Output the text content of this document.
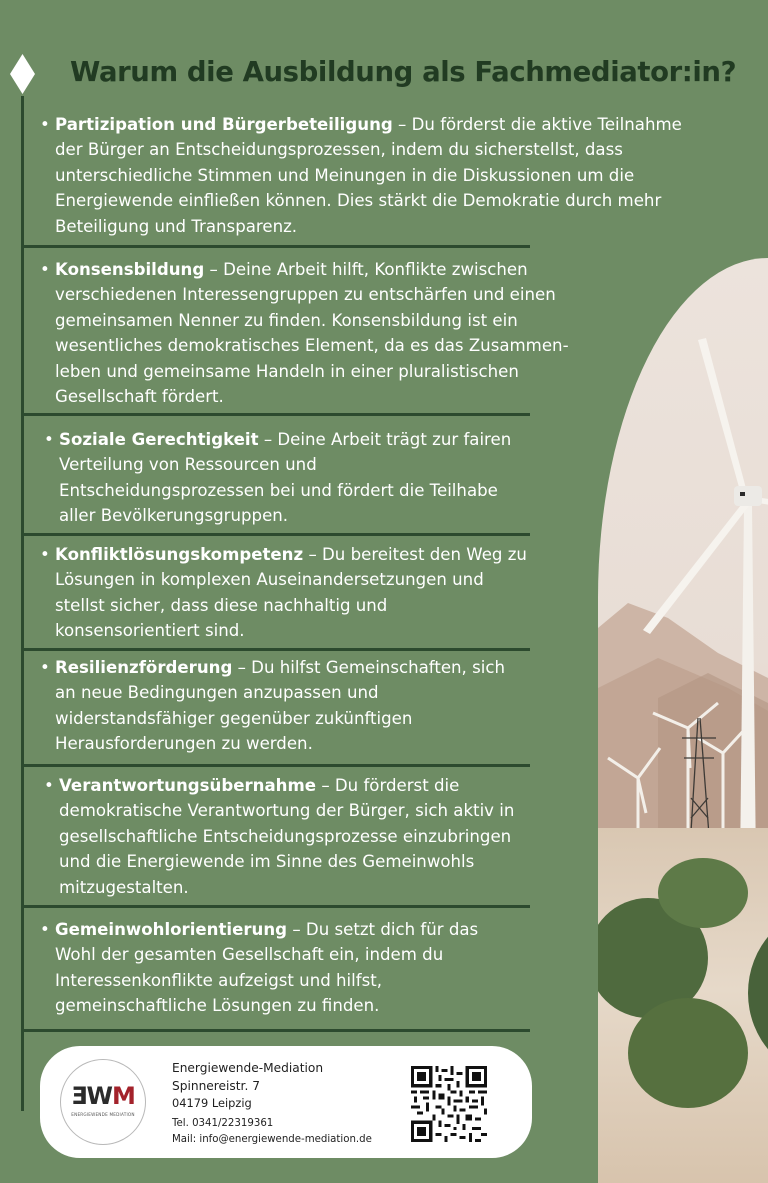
Warum die Ausbildung als Fachmediator:in?
• Partizipation und Bürgerbeteiligung – Du förderst die aktive Teilnahme
der Bürger an Entscheidungsprozessen, indem du sicherstellst, dass
unterschiedliche Stimmen und Meinungen in die Diskussionen um die
Energiewende einfließen können. Dies stärkt die Demokratie durch mehr
Beteiligung und Transparenz.
• Konsensbildung – Deine Arbeit hilft, Konflikte zwischen
verschiedenen Interessengruppen zu entschärfen und einen
gemeinsamen Nenner zu finden. Konsensbildung ist ein
wesentliches demokratisches Element, da es das Zusammen-
leben und gemeinsame Handeln in einer pluralistischen
Gesellschaft fördert.
• Soziale Gerechtigkeit – Deine Arbeit trägt zur fairen
Verteilung von Ressourcen und
Entscheidungsprozessen bei und fördert die Teilhabe
aller Bevölkerungsgruppen.
• Konfliktlösungskompetenz – Du bereitest den Weg zu
Lösungen in komplexen Auseinandersetzungen und
stellst sicher, dass diese nachhaltig und
konsensorientiert sind.
• Resilienzförderung – Du hilfst Gemeinschaften, sich
an neue Bedingungen anzupassen und
widerstandsfähiger gegenüber zukünftigen
Herausforderungen zu werden.
• Verantwortungsübernahme – Du förderst die
demokratische Verantwortung der Bürger, sich aktiv in
gesellschaftliche Entscheidungsprozesse einzubringen
und die Energiewende im Sinne des Gemeinwohls
mitzugestalten.
• Gemeinwohlorientierung – Du setzt dich für das
Wohl der gesamten Gesellschaft ein, indem du
Interessenkonflikte aufzeigst und hilfst,
gemeinschaftliche Lösungen zu finden.
ƎWM
ENERGIEWENDE MEDIATION
Energiewende-Mediation
Spinnereistr. 7
04179 Leipzig
Tel. 0341/22319361
Mail: info@energiewende-mediation.de
